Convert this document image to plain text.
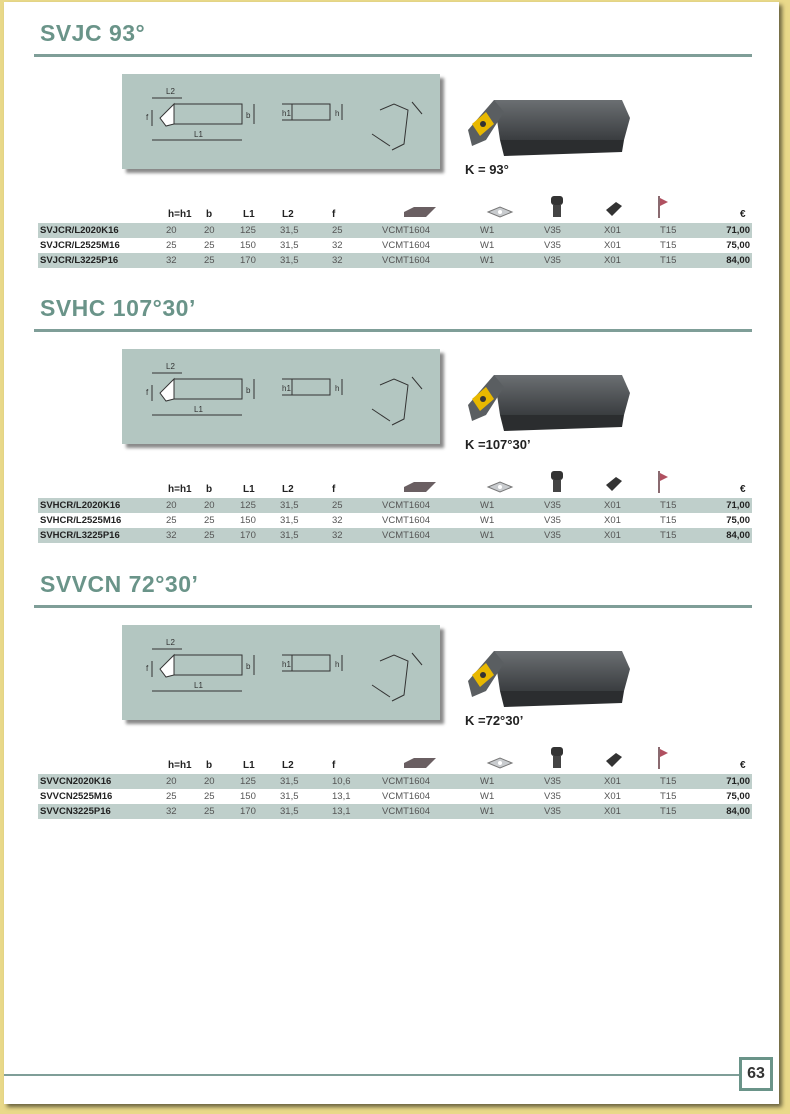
SVJC 93°
L2
L1
b	h1	h
f
K = 93°
h=h1 b	L1	L2	f	€
SVJCR/L2020K16	20	20	125	31,5	25	VCMT1604	W1	V35	X01	T15	71,00
SVJCR/L2525M16	25	25	150	31,5	32	VCMT1604	W1	V35	X01	T15	75,00
SVJCR/L3225P16	32	25	170	31,5	32	VCMT1604	W1	V35	X01	T15	84,00
SVHC 107°30’
L2
L1
b	h1	h
f
K =107°30’
h=h1 b	L1	L2	f	€
SVHCR/L2020K16	20	20	125	31,5	25	VCMT1604	W1	V35	X01	T15	71,00
SVHCR/L2525M16	25	25	150	31,5	32	VCMT1604	W1	V35	X01	T15	75,00
SVHCR/L3225P16	32	25	170	31,5	32	VCMT1604	W1	V35	X01	T15	84,00
SVVCN 72°30’
L2
L1
b	h1	h
f
K =72°30’
h=h1 b	L1	L2	f	€
SVVCN2020K16	20	20	125	31,5	10,6	VCMT1604	W1	V35	X01	T15	71,00
SVVCN2525M16	25	25	150	31,5	13,1	VCMT1604	W1	V35	X01	T15	75,00
SVVCN3225P16	32	25	170	31,5	13,1	VCMT1604	W1	V35	X01	T15	84,00
63
